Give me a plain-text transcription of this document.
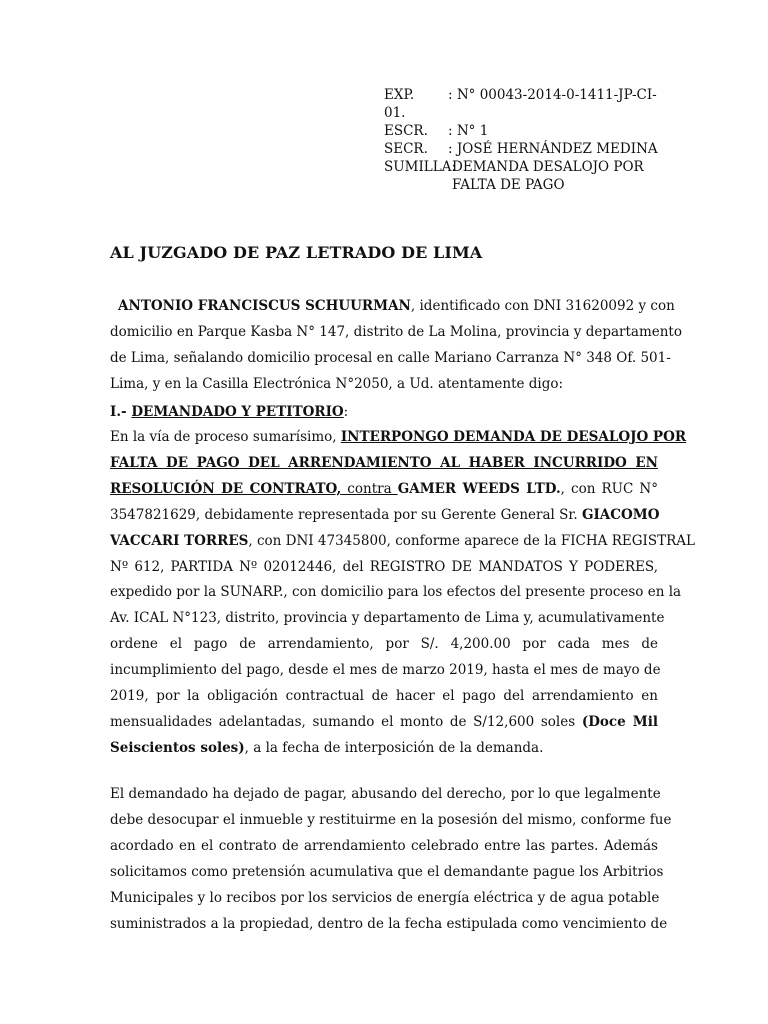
EXP.	: N° 00043-2014-0-1411-JP-CI-
01.
ESCR. : N° 1
SECR. : JOSÉ HERNÁNDEZ MEDINA
SUMILLA:DEMANDA DESALOJO POR
FALTA DE PAGO
AL JUZGADO DE PAZ LETRADO DE LIMA
ANTONIO FRANCISCUS SCHUURMAN, identificado con DNI 31620092 y con
domicilio en Parque Kasba N° 147, distrito de La Molina, provincia y departamento
de Lima, señalando domicilio procesal en calle Mariano Carranza N° 348 Of. 501-
Lima, y en la Casilla Electrónica N°2050, a Ud. atentamente digo:
I.- DEMANDADO Y PETITORIO:
En la vía de proceso sumarísimo, INTERPONGO DEMANDA DE DESALOJO POR
FALTA DE PAGO DEL ARRENDAMIENTO AL HABER INCURRIDO EN
RESOLUCIÓN DE CONTRATO, contra GAMER WEEDS LTD., con RUC N°
3547821629, debidamente representada por su Gerente General Sr. GIACOMO
VACCARI TORRES, con DNI 47345800, conforme aparece de la FICHA REGISTRAL
Nº 612, PARTIDA Nº 02012446, del REGISTRO DE MANDATOS Y PODERES,
expedido por la SUNARP., con domicilio para los efectos del presente proceso en la
Av. ICAL N°123, distrito, provincia y departamento de Lima y, acumulativamente
ordene el pago de arrendamiento, por S/. 4,200.00 por cada mes de
incumplimiento del pago, desde el mes de marzo 2019, hasta el mes de mayo de
2019, por la obligación contractual de hacer el pago del arrendamiento en
mensualidades adelantadas, sumando el monto de S/12,600 soles (Doce Mil
Seiscientos soles), a la fecha de interposición de la demanda.
El demandado ha dejado de pagar, abusando del derecho, por lo que legalmente
debe desocupar el inmueble y restituirme en la posesión del mismo, conforme fue
acordado en el contrato de arrendamiento celebrado entre las partes. Además
solicitamos como pretensión acumulativa que el demandante pague los Arbitrios
Municipales y lo recibos por los servicios de energía eléctrica y de agua potable
suministrados a la propiedad, dentro de la fecha estipulada como vencimiento de
